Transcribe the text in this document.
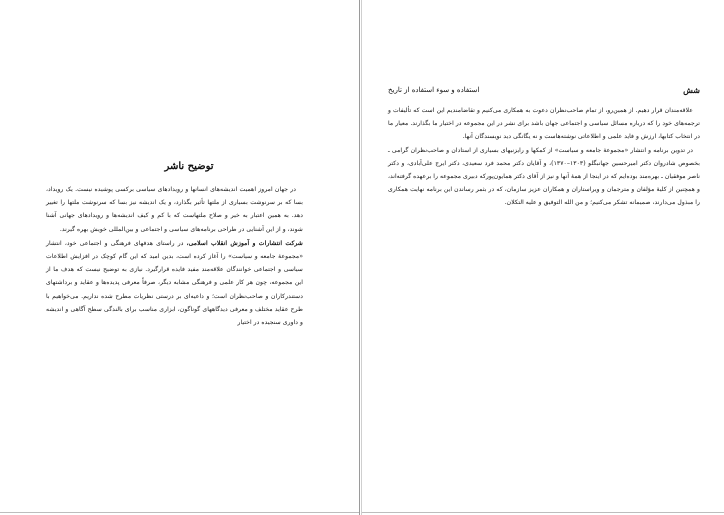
توضیح ناشر

در جهان امروز اهمیت اندیشه‌های انسانها و رویدادهای سیاسی برکسی پوشیده نیست. یک رویداد، بسا که بر سرنوشت بسیاری از ملتها تأثیر بگذارد، و یک اندیشه نیز بسا که سرنوشت ملتها را تغییر دهد. به همین اعتبار به خیر و صلاح ملتهاست که با کم و کیف اندیشه‌ها و رویدادهای جهانی آشنا شوند، و از این آشنایی در طراحی برنامه‌های سیاسی و اجتماعی و بین‌المللی خویش بهره گیرند.

شرکت انتشارات و آموزش انقلاب اسلامی، در راستای هدفهای فرهنگی و اجتماعی خود، انتشار «مجموعهٔ جامعه و سیاست» را آغاز کرده است، بدین امید که این گام کوچک در افزایش اطلاعات سیاسی و اجتماعی خوانندگان علاقه‌مند مفید فایده قرارگیرد. نیازی به توضیح نیست که هدف ما از این مجموعه، چون هر کار علمی و فرهنگی مشابه دیگر، صرفاً معرفی پدیده‌ها و عقاید و برداشتهای دستندرکاران و صاحب‌نظران است؛ و داعیه‌ای بر درستی نظریات مطرح شده نداریم. می‌خواهیم با طرح عقاید مختلف و معرفی دیدگاههای گوناگون، ابزاری مناسب برای بالندگی سطح آگاهی و اندیشه و داوری سنجیده در اختیار

شش
استفاده و سوء استفاده از تاریخ

علاقه‌مندان قرار دهیم. از همین‌رو، از تمام صاحب‌نظران دعوت به همکاری می‌کنیم و تقاضامندیم این است که تألیفات و ترجمه‌های خود را که درباره مسائل سیاسی و اجتماعی جهان باشد برای نشر در این مجموعه در اختیار ما بگذارند. معیار ما در انتخاب کتابها، ارزش و فاید علمی و اطلاعاتی نوشته‌هاست و نه یگانگی دید نویسندگان آنها.

در تدوین برنامه و انتشار «مجموعهٔ جامعه و سیاست» از کمکها و رایزنیهای بسیاری از استادان و صاحب‌نظران گرامی ـ بخصوص شادروان دکتر امیرحسین جهانبگلو (۱۳۰۳–۱۳۷۰)، و آقایان دکتر محمد فرد سعیدی، دکتر ایرج علی‌آبادی، و دکتر ناصر موفقیان ـ بهره‌مند بوده‌ایم که در اینجا از همهٔ آنها و نیز از آقای دکتر همایون‌پورکه دبیری مجموعه را برعهده گرفته‌اند، و همچنین از کلیهٔ مؤلفان و مترجمان و ویراستاران و همکاران عزیز سازمان، که در بثمر رساندن این برنامه نهایت همکاری را مبذول می‌دارند، صمیمانه تشکر می‌کنیم؛ و من الله التوفیق و علیه التکلان.
